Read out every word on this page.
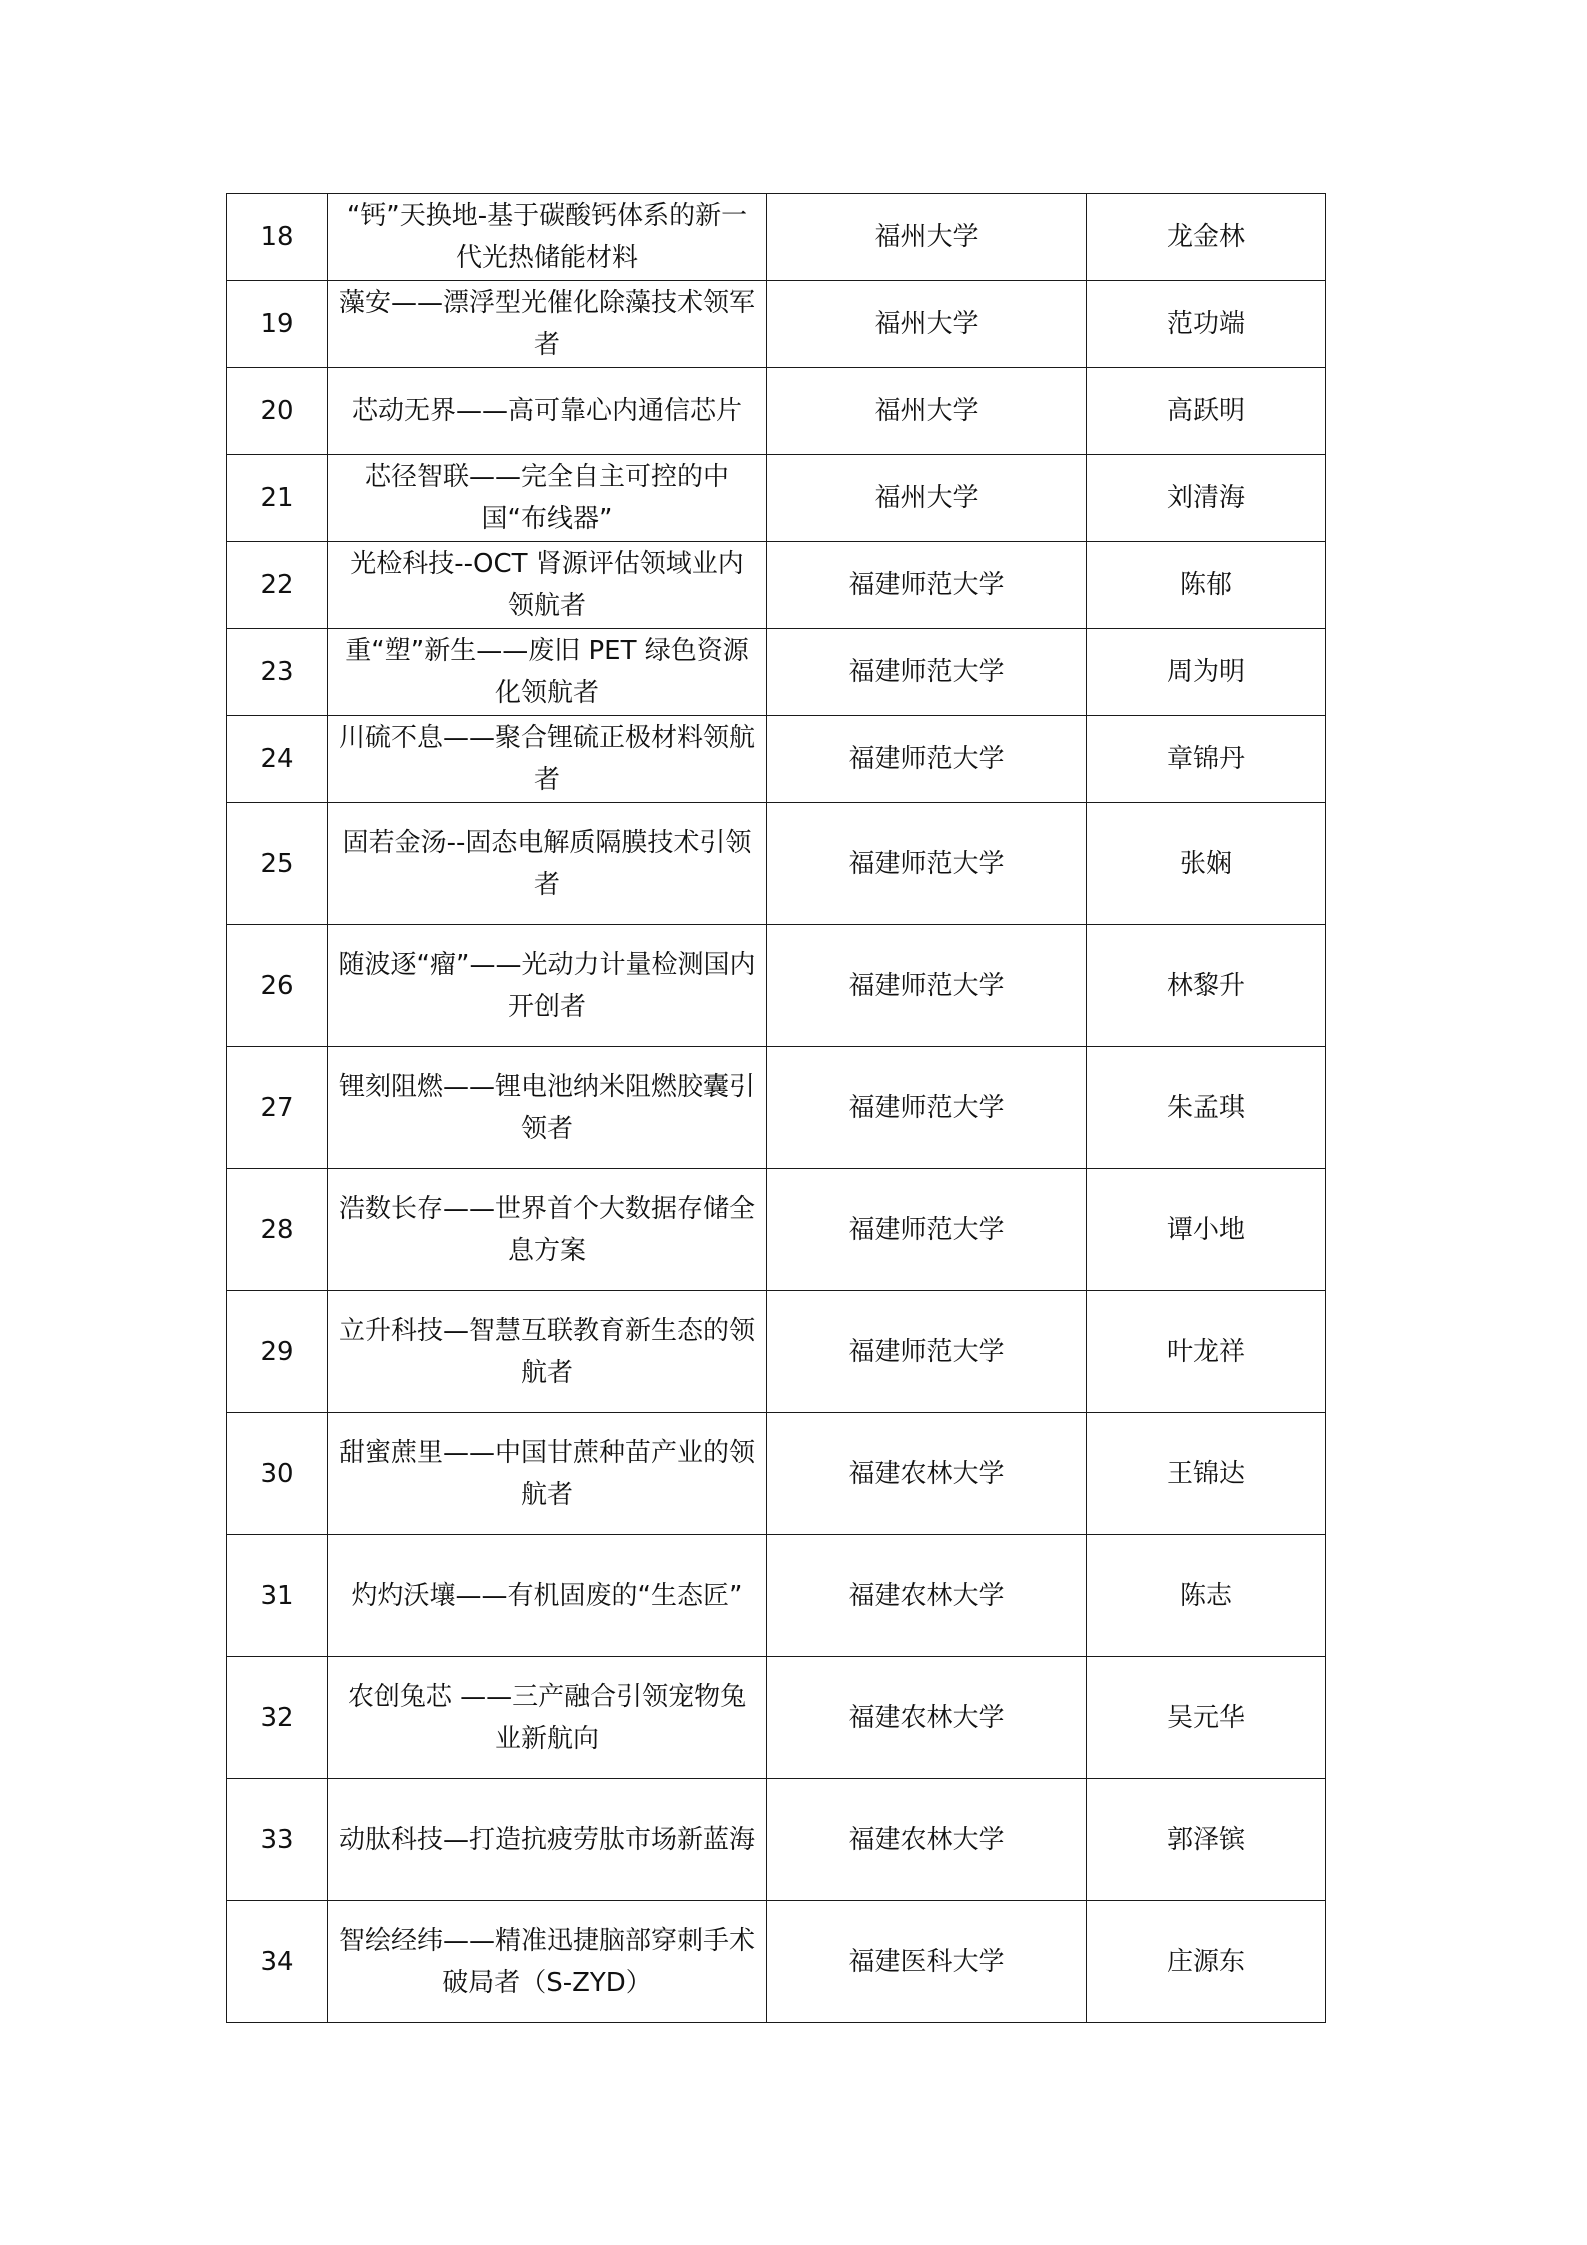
18	“钙”天换地-基于碳酸钙体系的新一代光热储能材料	福州大学	龙金林
19	藻安——漂浮型光催化除藻技术领军者	福州大学	范功端
20	芯动无界——高可靠心内通信芯片	福州大学	高跃明
21	芯径智联——完全自主可控的中国“布线器”	福州大学	刘清海
22	光检科技--OCT 肾源评估领域业内领航者	福建师范大学	陈郁
23	重“塑”新生——废旧 PET 绿色资源化领航者	福建师范大学	周为明
24	川硫不息——聚合锂硫正极材料领航者	福建师范大学	章锦丹
25	固若金汤--固态电解质隔膜技术引领者	福建师范大学	张娴
26	随波逐“瘤”——光动力计量检测国内开创者	福建师范大学	林黎升
27	锂刻阻燃——锂电池纳米阻燃胶囊引领者	福建师范大学	朱孟琪
28	浩数长存——世界首个大数据存储全息方案	福建师范大学	谭小地
29	立升科技—智慧互联教育新生态的领航者	福建师范大学	叶龙祥
30	甜蜜蔗里——中国甘蔗种苗产业的领航者	福建农林大学	王锦达
31	灼灼沃壤——有机固废的“生态匠”	福建农林大学	陈志
32	农创兔芯 ——三产融合引领宠物兔业新航向	福建农林大学	吴元华
33	动肽科技—打造抗疲劳肽市场新蓝海	福建农林大学	郭泽镔
34	智绘经纬——精准迅捷脑部穿刺手术破局者（S-ZYD）	福建医科大学	庄源东
